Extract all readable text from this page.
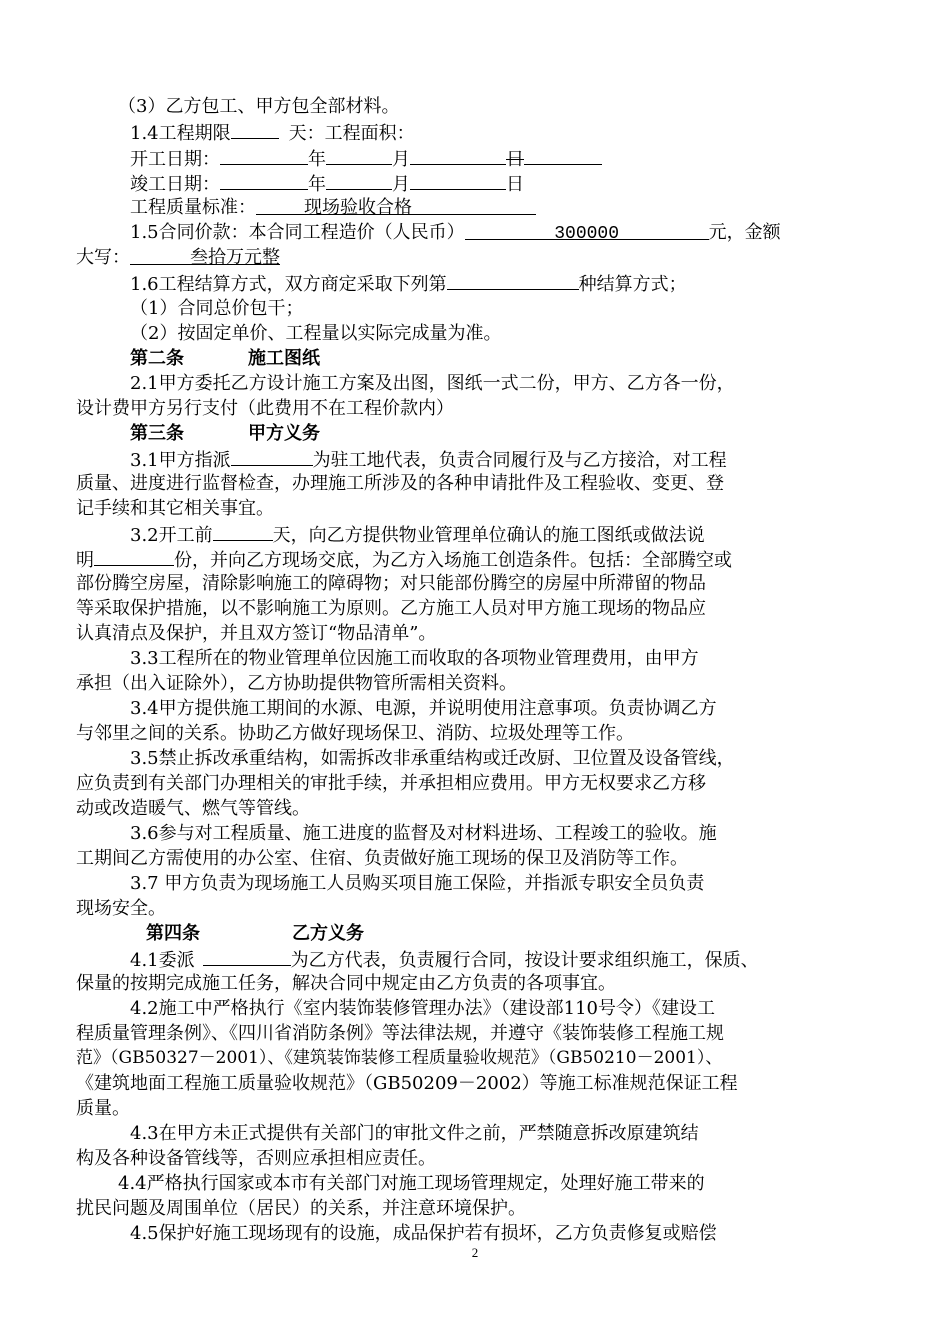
（3）乙方包工、甲方包全部材料。
1.4工程期限	天：工程面积：
开工日期：	年	月	日
竣工日期：	年	月	日
工程质量标准：	现场验收合格
1.5合同价款：本合同工程造价（人民币）	300000	元，金额
大写：	叁拾万元整
1.6工程结算方式，双方商定采取下列第	种结算方式；
（1）合同总价包干；
（2）按固定单价、工程量以实际完成量为准。
第二条	施工图纸
2.1甲方委托乙方设计施工方案及出图，图纸一式二份，甲方、乙方各一份，
设计费甲方另行支付（此费用不在工程价款内）
第三条	甲方义务
3.1甲方指派	为驻工地代表，负责合同履行及与乙方接洽，对工程
质量、进度进行监督检查，办理施工所涉及的各种申请批件及工程验收、变更、登
记手续和其它相关事宜。
3.2开工前	天，向乙方提供物业管理单位确认的施工图纸或做法说
明	份，并向乙方现场交底，为乙方入场施工创造条件。包括：全部腾空或
部份腾空房屋，清除影响施工的障碍物；对只能部份腾空的房屋中所滞留的物品
等采取保护措施，以不影响施工为原则。乙方施工人员对甲方施工现场的物品应
认真清点及保护，并且双方签订“物品清单”。
3.3工程所在的物业管理单位因施工而收取的各项物业管理费用，由甲方
承担（出入证除外），乙方协助提供物管所需相关资料。
3.4甲方提供施工期间的水源、电源，并说明使用注意事项。负责协调乙方
与邻里之间的关系。协助乙方做好现场保卫、消防、垃圾处理等工作。
3.5禁止拆改承重结构，如需拆改非承重结构或迁改厨、卫位置及设备管线，
应负责到有关部门办理相关的审批手续，并承担相应费用。甲方无权要求乙方移
动或改造暖气、燃气等管线。
3.6参与对工程质量、施工进度的监督及对材料进场、工程竣工的验收。施
工期间乙方需使用的办公室、住宿、负责做好施工现场的保卫及消防等工作。
3.7 甲方负责为现场施工人员购买项目施工保险，并指派专职安全员负责
现场安全。
第四条	乙方义务
4.1委派	为乙方代表，负责履行合同，按设计要求组织施工，保质、
保量的按期完成施工任务，解决合同中规定由乙方负责的各项事宜。
4.2施工中严格执行《室内装饰装修管理办法》（建设部110号令）《建设工
程质量管理条例》、《四川省消防条例》等法律法规，并遵守《装饰装修工程施工规
范》（GB50327－2001）、《建筑装饰装修工程质量验收规范》（GB50210－2001）、
《建筑地面工程施工质量验收规范》（GB50209－2002）等施工标准规范保证工程
质量。
4.3在甲方未正式提供有关部门的审批文件之前，严禁随意拆改原建筑结
构及各种设备管线等，否则应承担相应责任。
4.4严格执行国家或本市有关部门对施工现场管理规定，处理好施工带来的
扰民问题及周围单位（居民）的关系，并注意环境保护。
4.5保护好施工现场现有的设施，成品保护若有损坏，乙方负责修复或赔偿
2
